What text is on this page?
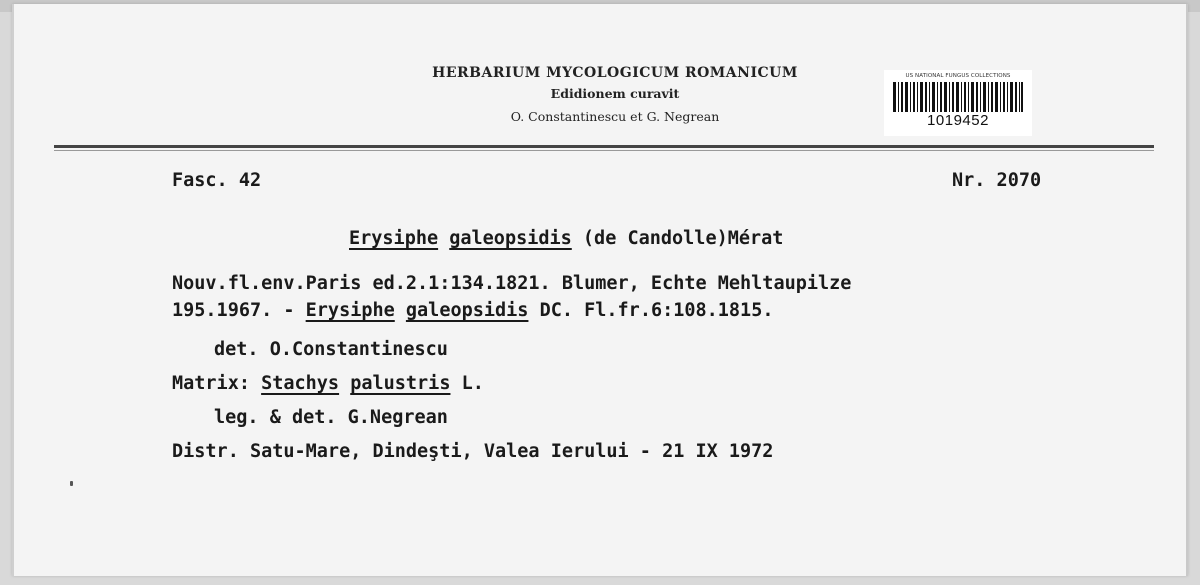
HERBARIUM MYCOLOGICUM ROMANICUM
Edidionem curavit
O. Constantinescu et G. Negrean
US NATIONAL FUNGUS COLLECTIONS
1019452
Fasc. 42	Nr. 2070
Erysiphe galeopsidis (de Candolle)Mérat
Nouv.fl.env.Paris ed.2.1:134.1821. Blumer, Echte Mehltaupilze
195.1967. - Erysiphe galeopsidis DC. Fl.fr.6:108.1815.
det. O.Constantinescu
Matrix: Stachys palustris L.
leg. & det. G.Negrean
Distr. Satu-Mare, Dindeşti, Valea Ierului - 21 IX 1972
